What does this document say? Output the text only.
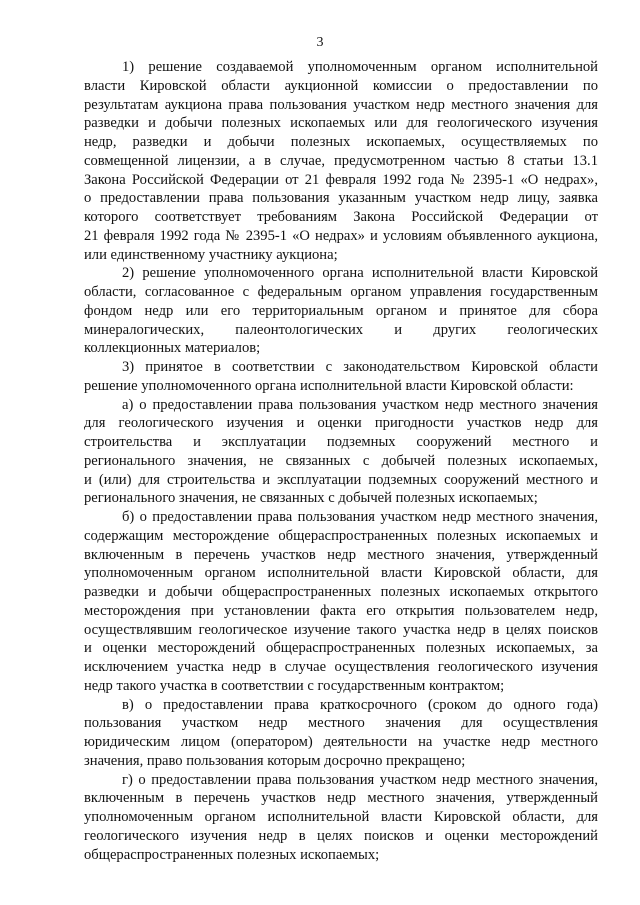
3
1) решение создаваемой уполномоченным органом исполнительной
власти Кировской области аукционной комиссии о предоставлении по
результатам аукциона права пользования участком недр местного значения для
разведки и добычи полезных ископаемых или для геологического изучения
недр, разведки и добычи полезных ископаемых, осуществляемых по
совмещенной лицензии, а в случае, предусмотренном частью 8 статьи 13.1
Закона Российской Федерации от 21 февраля 1992 года № 2395-1 «О недрах»,
о предоставлении права пользования указанным участком недр лицу, заявка
которого соответствует требованиям Закона Российской Федерации от
21 февраля 1992 года № 2395-1 «О недрах» и условиям объявленного аукциона,
или единственному участнику аукциона;
2) решение уполномоченного органа исполнительной власти Кировской
области, согласованное с федеральным органом управления государственным
фондом недр или его территориальным органом и принятое для сбора
минералогических, палеонтологических и других геологических
коллекционных материалов;
3) принятое в соответствии с законодательством Кировской области
решение уполномоченного органа исполнительной власти Кировской области:
а) о предоставлении права пользования участком недр местного значения
для геологического изучения и оценки пригодности участков недр для
строительства и эксплуатации подземных сооружений местного и
регионального значения, не связанных с добычей полезных ископаемых,
и (или) для строительства и эксплуатации подземных сооружений местного и
регионального значения, не связанных с добычей полезных ископаемых;
б) о предоставлении права пользования участком недр местного значения,
содержащим месторождение общераспространенных полезных ископаемых и
включенным в перечень участков недр местного значения, утвержденный
уполномоченным органом исполнительной власти Кировской области, для
разведки и добычи общераспространенных полезных ископаемых открытого
месторождения при установлении факта его открытия пользователем недр,
осуществлявшим геологическое изучение такого участка недр в целях поисков
и оценки месторождений общераспространенных полезных ископаемых, за
исключением участка недр в случае осуществления геологического изучения
недр такого участка в соответствии с государственным контрактом;
в) о предоставлении права краткосрочного (сроком до одного года)
пользования участком недр местного значения для осуществления
юридическим лицом (оператором) деятельности на участке недр местного
значения, право пользования которым досрочно прекращено;
г) о предоставлении права пользования участком недр местного значения,
включенным в перечень участков недр местного значения, утвержденный
уполномоченным органом исполнительной власти Кировской области, для
геологического изучения недр в целях поисков и оценки месторождений
общераспространенных полезных ископаемых;
